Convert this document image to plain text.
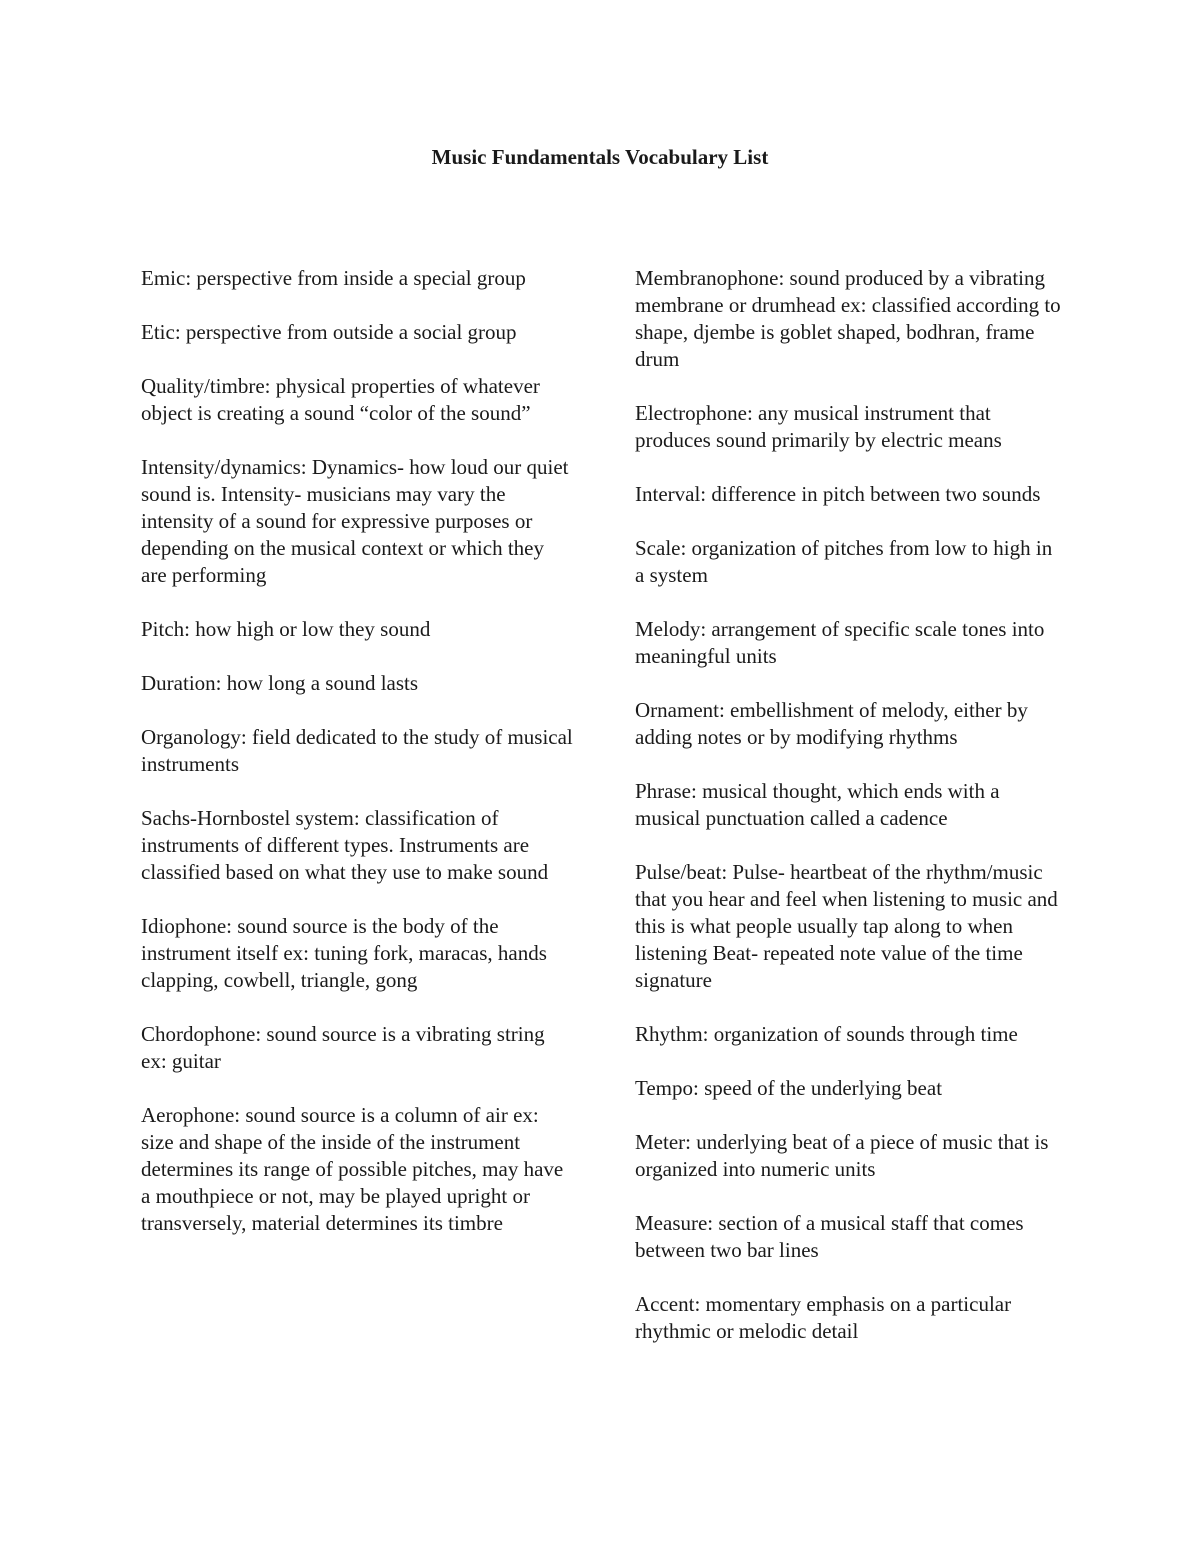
Music Fundamentals Vocabulary List

Emic: perspective from inside a special group

Etic: perspective from outside a social group

Quality/timbre: physical properties of whatever object is creating a sound “color of the sound”

Intensity/dynamics: Dynamics- how loud our quiet sound is. Intensity- musicians may vary the intensity of a sound for expressive purposes or depending on the musical context or which they are performing

Pitch: how high or low they sound

Duration: how long a sound lasts

Organology: field dedicated to the study of musical instruments

Sachs-Hornbostel system: classification of instruments of different types. Instruments are classified based on what they use to make sound

Idiophone: sound source is the body of the instrument itself ex: tuning fork, maracas, hands clapping, cowbell, triangle, gong

Chordophone: sound source is a vibrating string ex: guitar

Aerophone: sound source is a column of air ex: size and shape of the inside of the instrument determines its range of possible pitches, may have a mouthpiece or not, may be played upright or transversely, material determines its timbre

Membranophone: sound produced by a vibrating membrane or drumhead ex: classified according to shape, djembe is goblet shaped, bodhran, frame drum

Electrophone: any musical instrument that produces sound primarily by electric means

Interval: difference in pitch between two sounds

Scale: organization of pitches from low to high in a system

Melody: arrangement of specific scale tones into meaningful units

Ornament: embellishment of melody, either by adding notes or by modifying rhythms

Phrase: musical thought, which ends with a musical punctuation called a cadence

Pulse/beat: Pulse- heartbeat of the rhythm/music that you hear and feel when listening to music and this is what people usually tap along to when listening Beat- repeated note value of the time signature

Rhythm: organization of sounds through time

Tempo: speed of the underlying beat

Meter: underlying beat of a piece of music that is organized into numeric units

Measure: section of a musical staff that comes between two bar lines

Accent: momentary emphasis on a particular rhythmic or melodic detail
